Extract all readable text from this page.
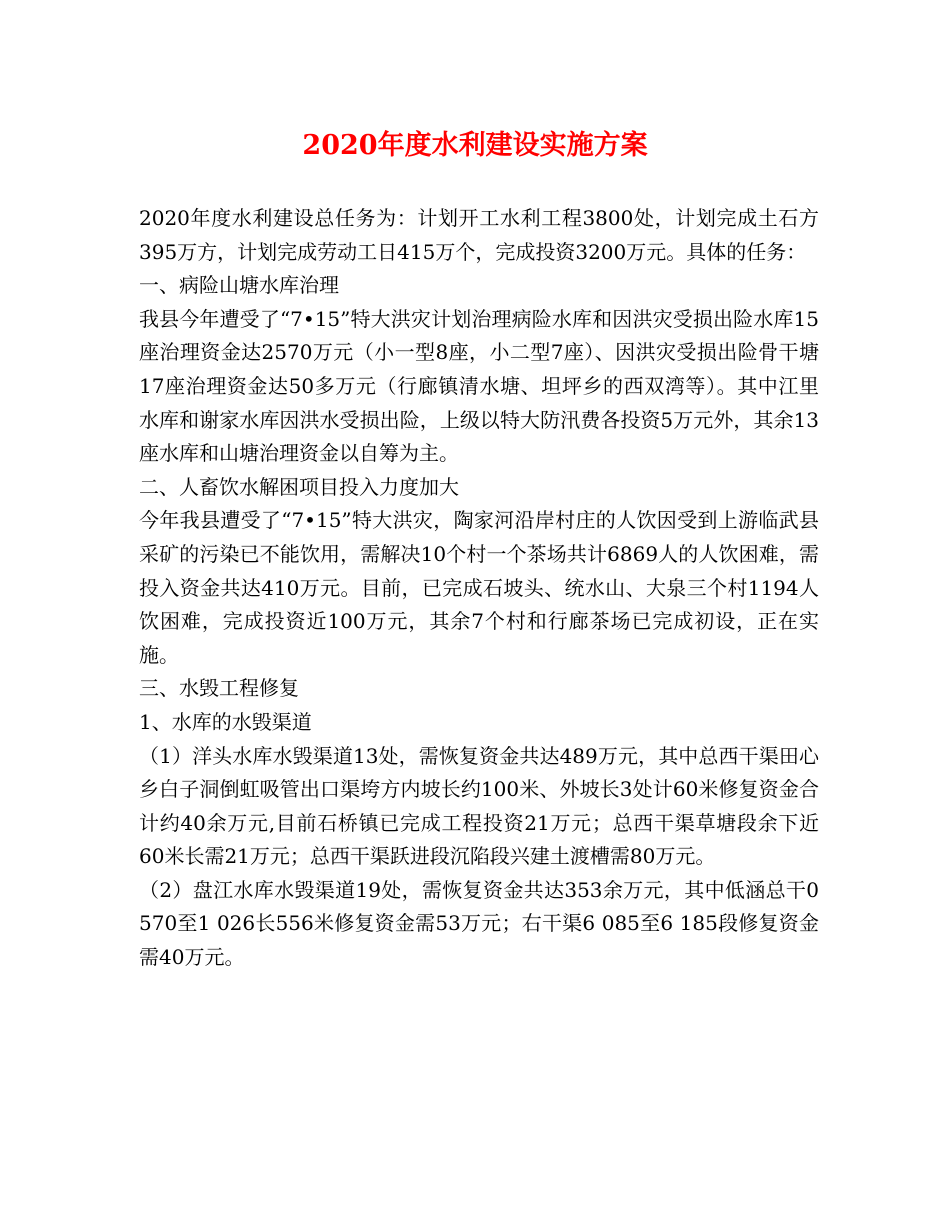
2020年度水利建设实施方案

2020年度水利建设总任务为：计划开工水利工程3800处，计划完成土石方395万方，计划完成劳动工日415万个，完成投资3200万元。具体的任务：

一、病险山塘水库治理

我县今年遭受了“7•15”特大洪灾计划治理病险水库和因洪灾受损出险水库15座治理资金达2570万元（小一型8座，小二型7座）、因洪灾受损出险骨干塘17座治理资金达50多万元（行廊镇清水塘、坦坪乡的西双湾等）。其中江里水库和谢家水库因洪水受损出险，上级以特大防汛费各投资5万元外，其余13座水库和山塘治理资金以自筹为主。

二、人畜饮水解困项目投入力度加大

今年我县遭受了“7•15”特大洪灾，陶家河沿岸村庄的人饮因受到上游临武县采矿的污染已不能饮用，需解决10个村一个茶场共计6869人的人饮困难，需投入资金共达410万元。目前，已完成石坡头、统水山、大泉三个村1194人饮困难，完成投资近100万元，其余7个村和行廊茶场已完成初设，正在实施。

三、水毁工程修复

1、水库的水毁渠道

（1）洋头水库水毁渠道13处，需恢复资金共达489万元，其中总西干渠田心乡白子洞倒虹吸管出口渠垮方内坡长约100米、外坡长3处计60米修复资金合计约40余万元,目前石桥镇已完成工程投资21万元；总西干渠草塘段余下近60米长需21万元；总西干渠跃进段沉陷段兴建土渡槽需80万元。

（2）盘江水库水毁渠道19处，需恢复资金共达353余万元，其中低涵总干0 570至1 026长556米修复资金需53万元；右干渠6 085至6 185段修复资金需40万元。
